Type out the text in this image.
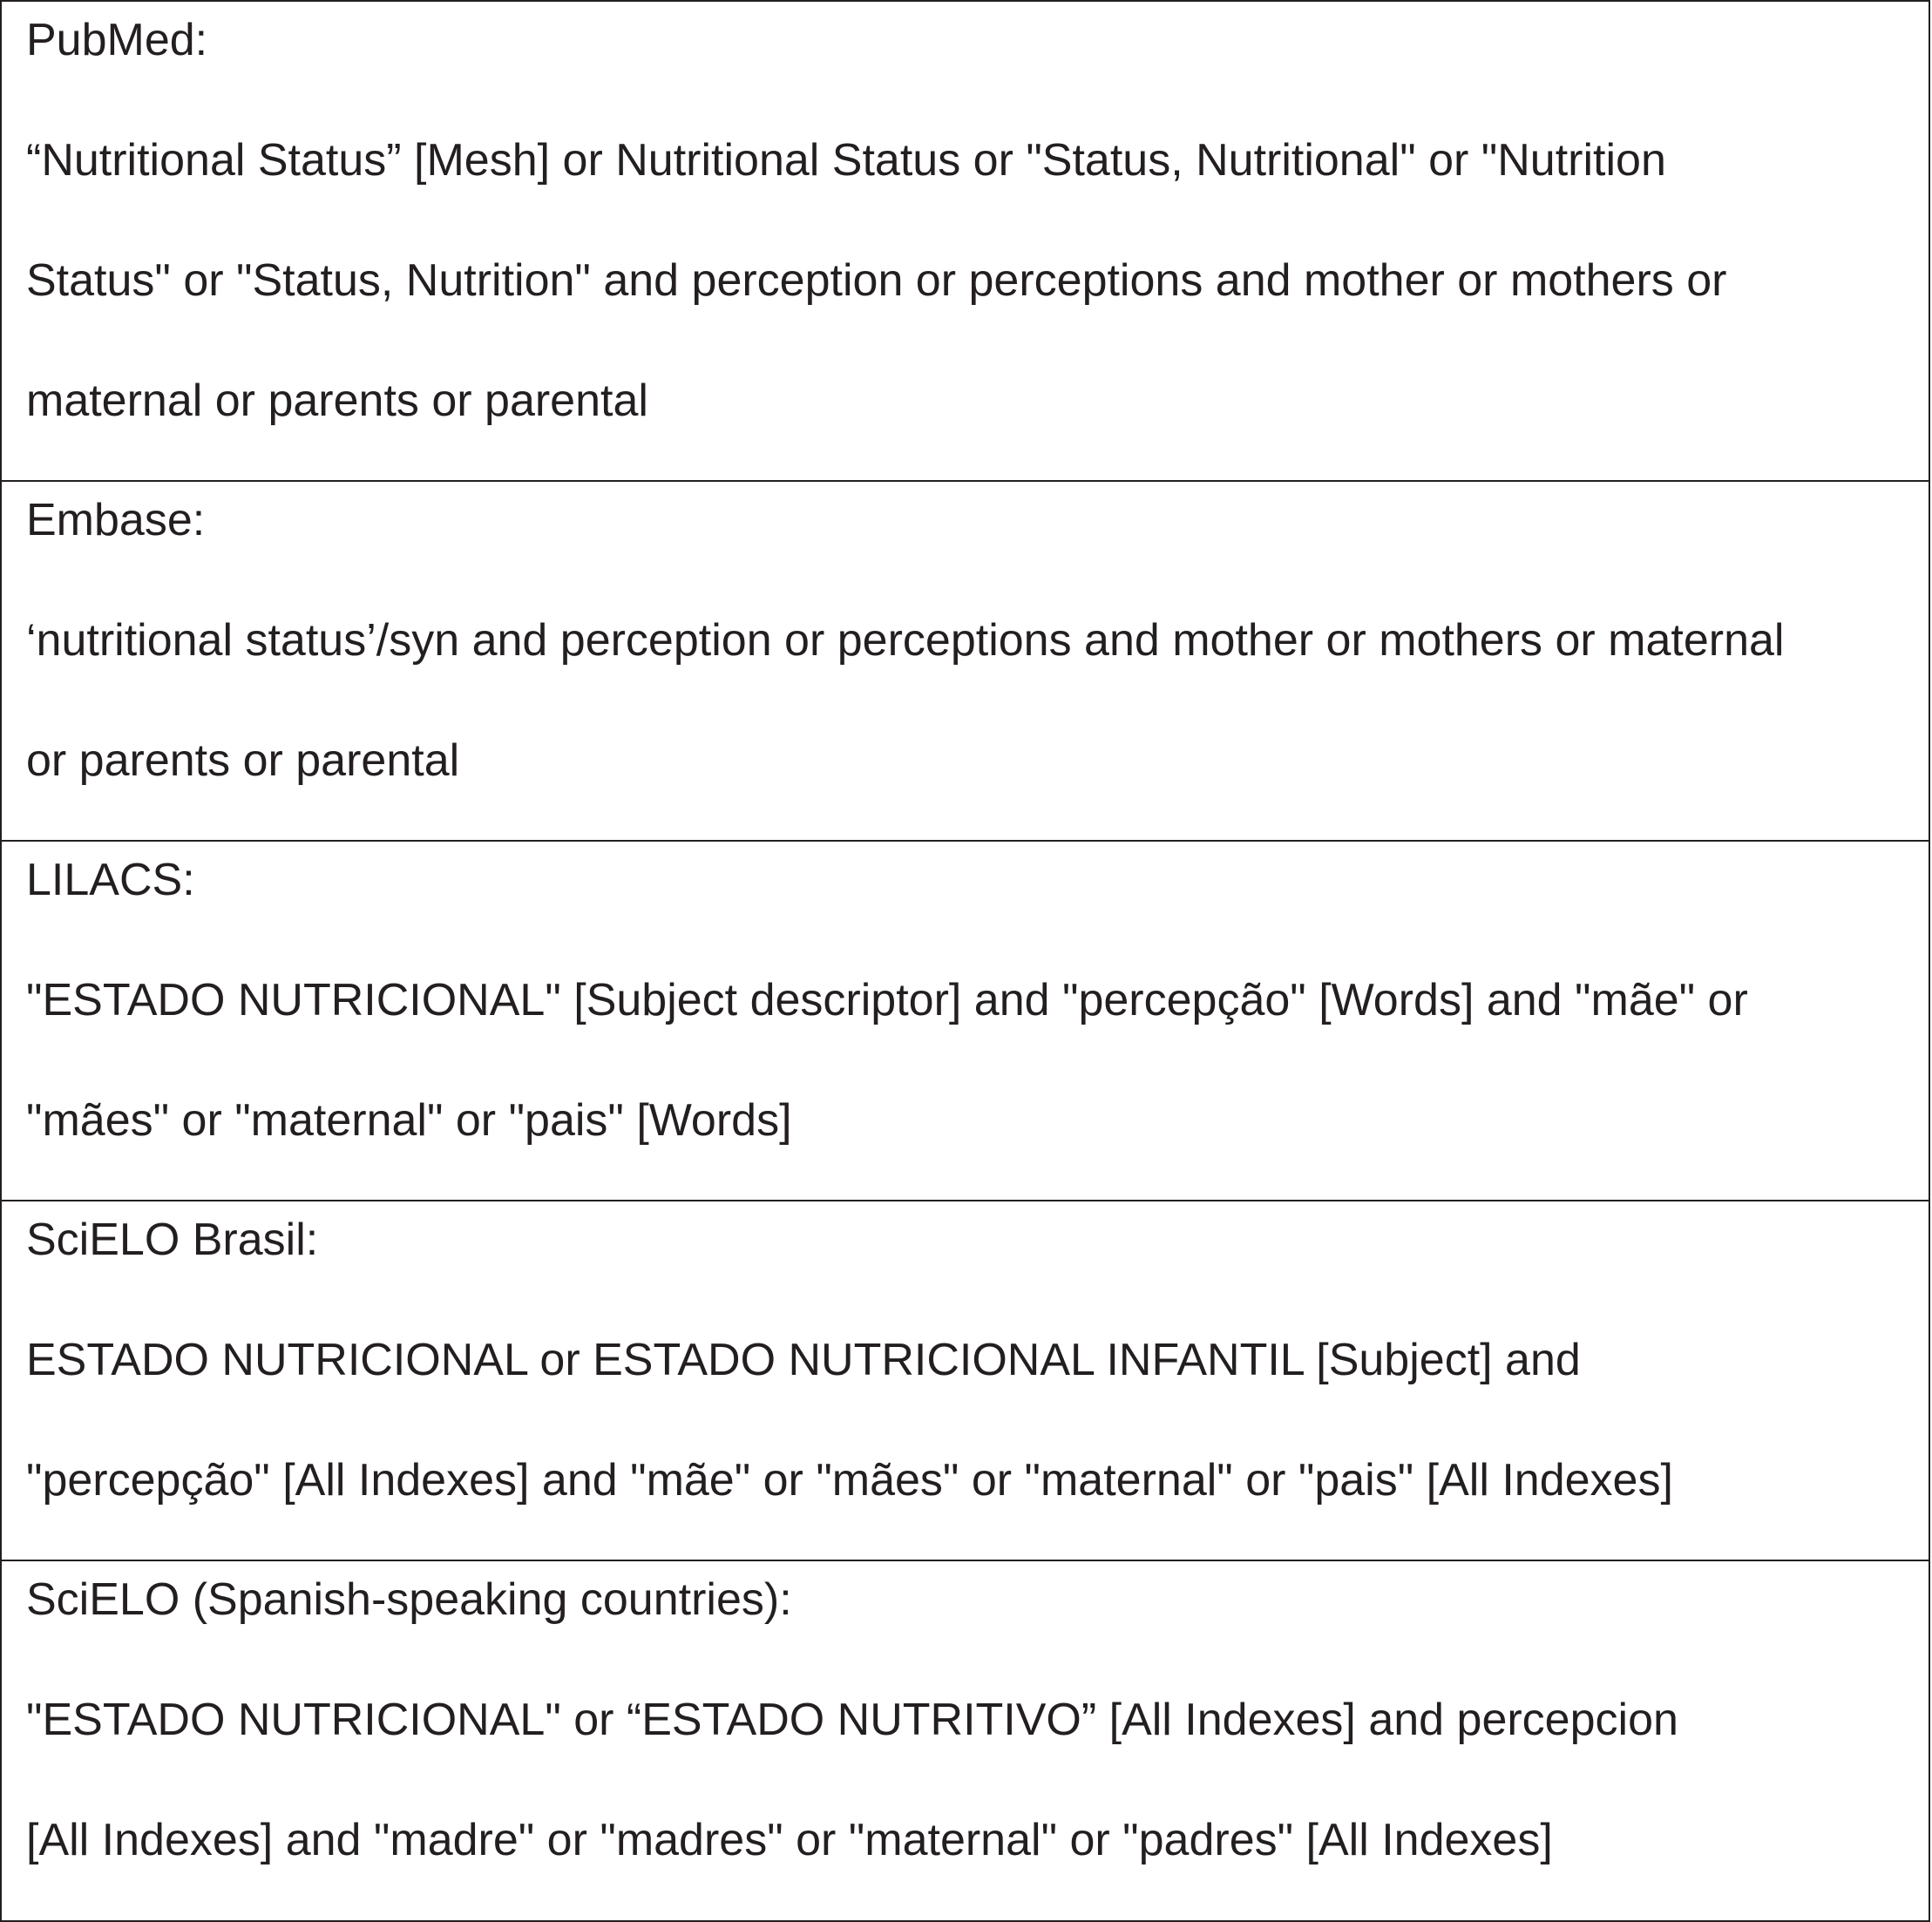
PubMed:
“Nutritional Status” [Mesh] or Nutritional Status or "Status, Nutritional" or "Nutrition
Status" or "Status, Nutrition" and perception or perceptions and mother or mothers or
maternal or parents or parental
Embase:
‘nutritional status’/syn and perception or perceptions and mother or mothers or maternal
or parents or parental
LILACS:
"ESTADO NUTRICIONAL" [Subject descriptor] and "percepção" [Words] and "mãe" or
"mães" or "maternal" or "pais" [Words]
SciELO Brasil:
ESTADO NUTRICIONAL or ESTADO NUTRICIONAL INFANTIL [Subject] and
"percepção" [All Indexes] and "mãe" or "mães" or "maternal" or "pais" [All Indexes]
SciELO (Spanish-speaking countries):
"ESTADO NUTRICIONAL" or “ESTADO NUTRITIVO” [All Indexes] and percepcion
[All Indexes] and "madre" or "madres" or "maternal" or "padres" [All Indexes]
